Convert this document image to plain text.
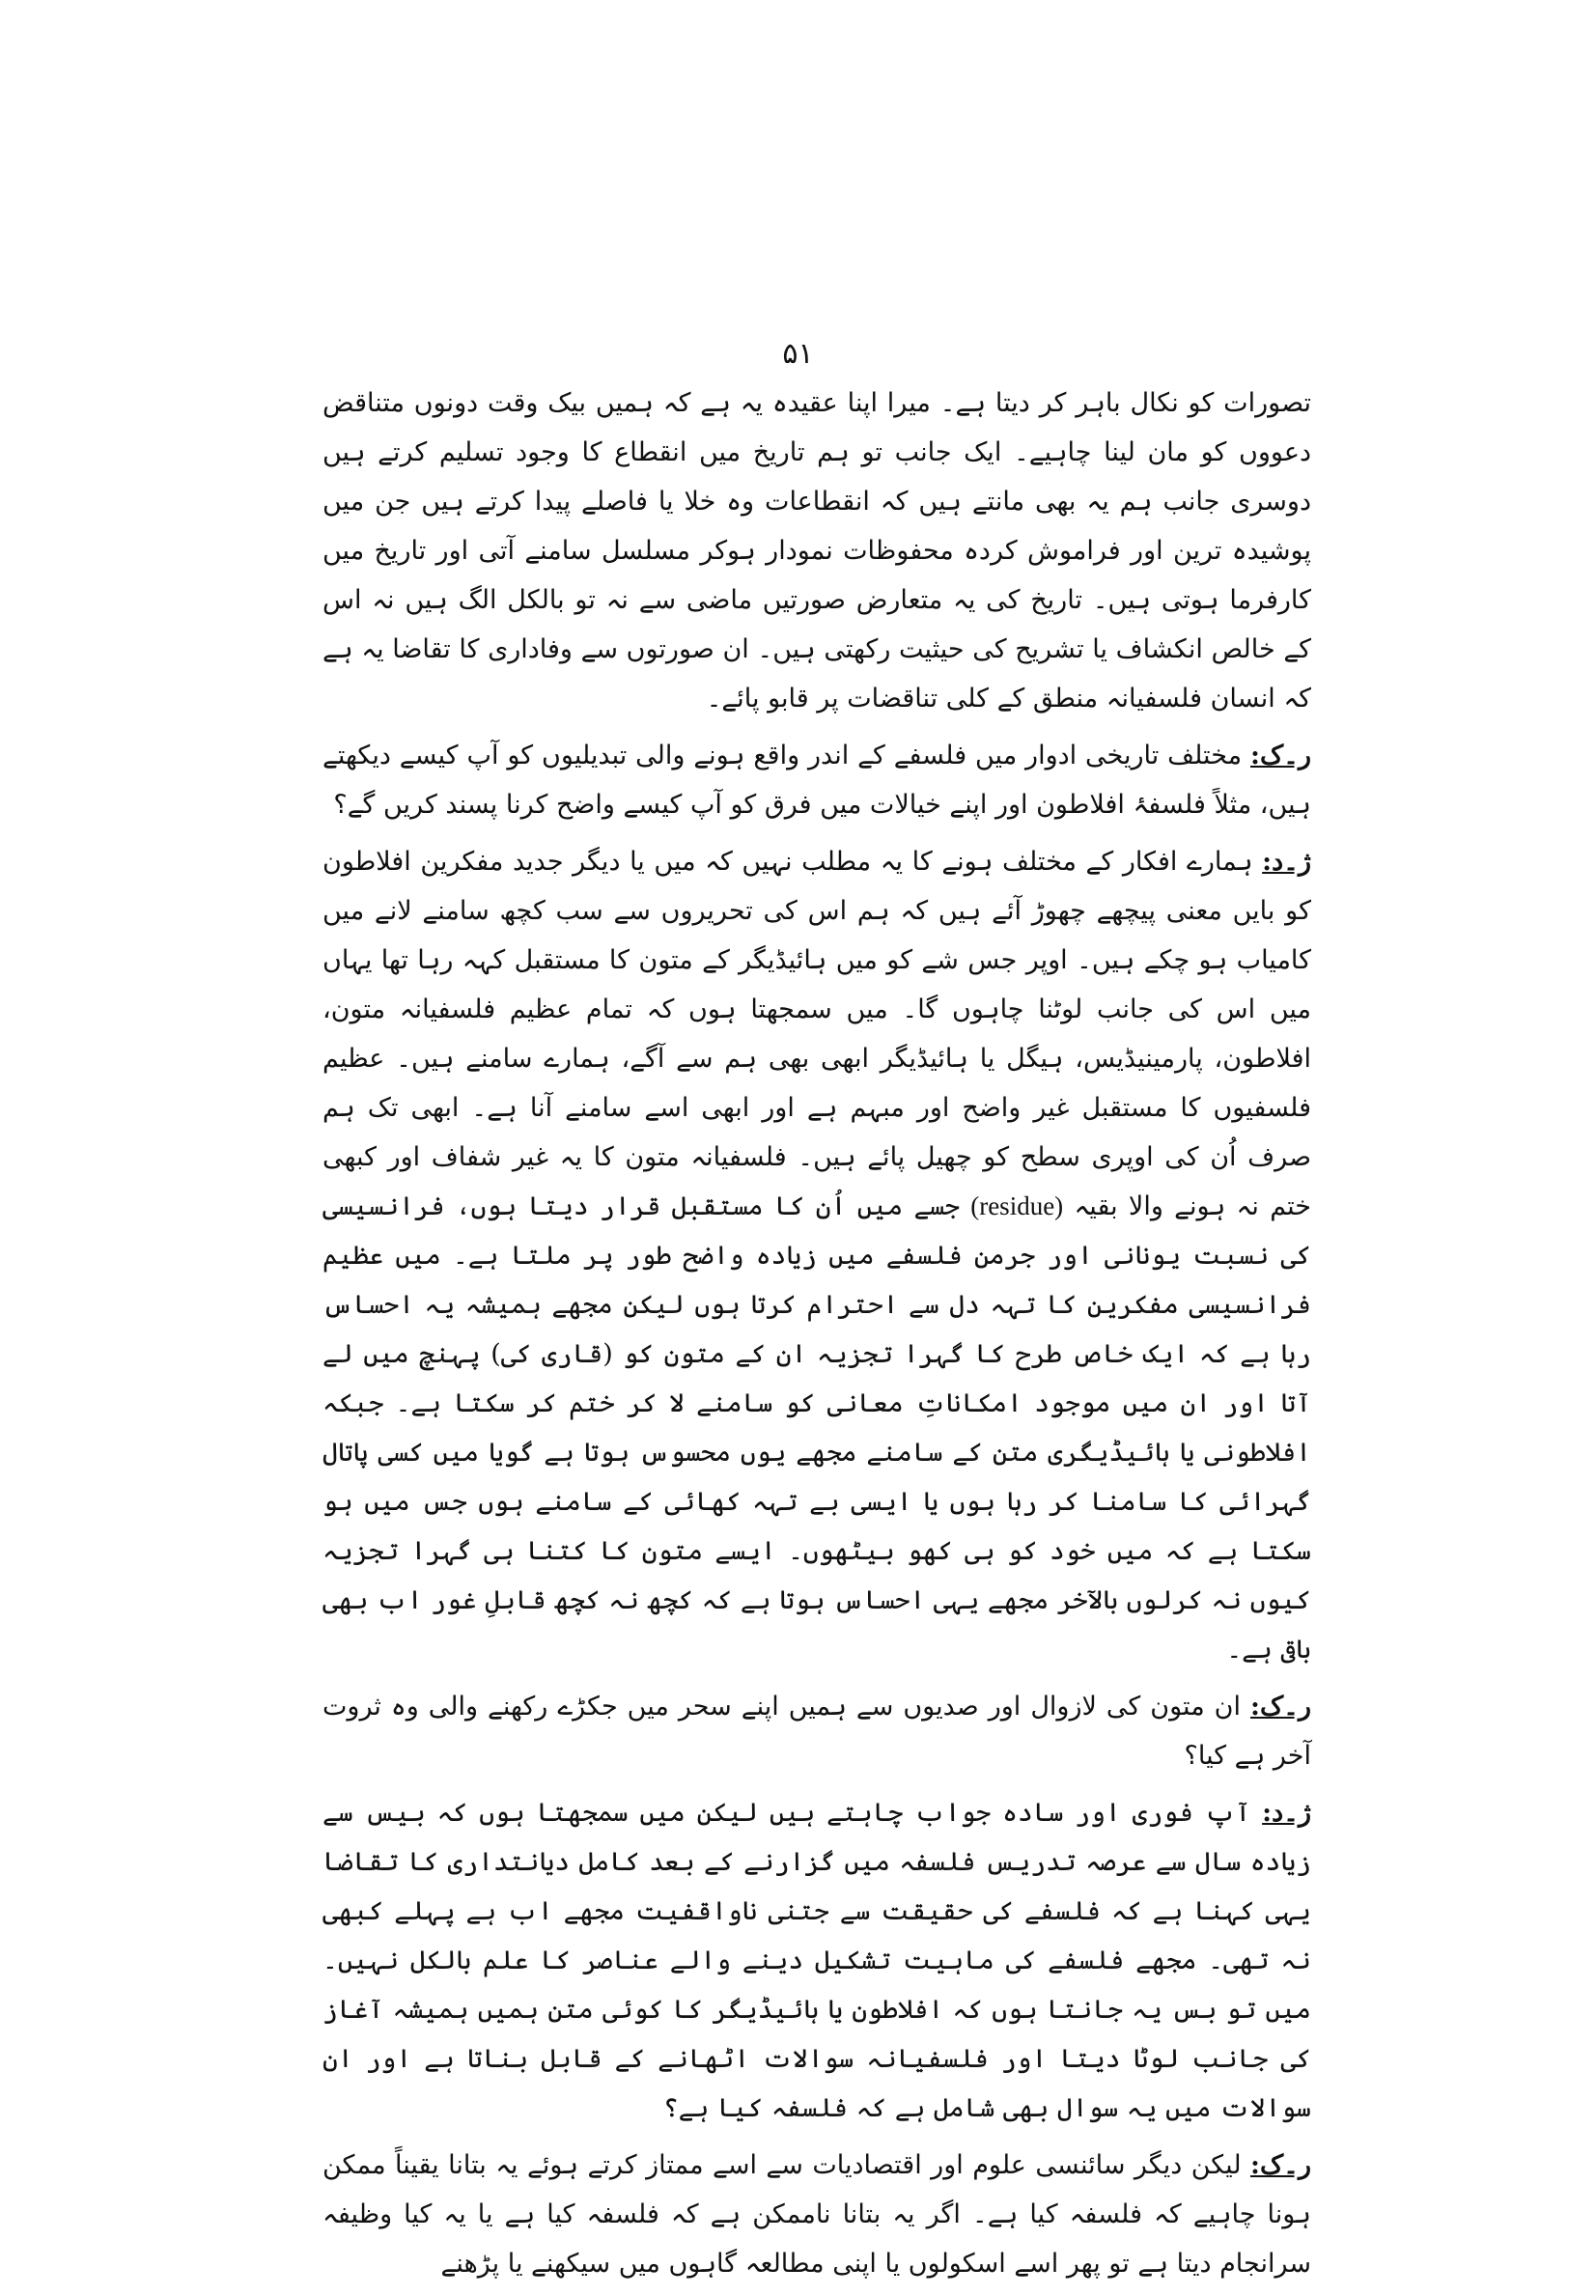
۵۱

تصورات کو نکال باہر کر دیتا ہے۔ میرا اپنا عقیدہ یہ ہے کہ ہمیں بیک وقت دونوں متناقض دعووں کو مان لینا چاہیے۔ ایک جانب تو ہم تاریخ میں انقطاع کا وجود تسلیم کرتے ہیں دوسری جانب ہم یہ بھی مانتے ہیں کہ انقطاعات وہ خلا یا فاصلے پیدا کرتے ہیں جن میں پوشیدہ ترین اور فراموش کردہ محفوظات نمودار ہوکر مسلسل سامنے آتی اور تاریخ میں کارفرما ہوتی ہیں۔ تاریخ کی یہ متعارض صورتیں ماضی سے نہ تو بالکل الگ ہیں نہ اس کے خالص انکشاف یا تشریح کی حیثیت رکھتی ہیں۔ ان صورتوں سے وفاداری کا تقاضا یہ ہے کہ انسان فلسفیانہ منطق کے کلی تناقضات پر قابو پائے۔

ر۔ک: مختلف تاریخی ادوار میں فلسفے کے اندر واقع ہونے والی تبدیلیوں کو آپ کیسے دیکھتے ہیں، مثلاً فلسفۂ افلاطون اور اپنے خیالات میں فرق کو آپ کیسے واضح کرنا پسند کریں گے؟

ژ۔د: ہمارے افکار کے مختلف ہونے کا یہ مطلب نہیں کہ میں یا دیگر جدید مفکرین افلاطون کو بایں معنی پیچھے چھوڑ آئے ہیں کہ ہم اس کی تحریروں سے سب کچھ سامنے لانے میں کامیاب ہو چکے ہیں۔ اوپر جس شے کو میں ہائیڈیگر کے متون کا مستقبل کہہ رہا تھا یہاں میں اس کی جانب لوٹنا چاہوں گا۔ میں سمجھتا ہوں کہ تمام عظیم فلسفیانہ متون، افلاطون، پارمینیڈیس، ہیگل یا ہائیڈیگر ابھی بھی ہم سے آگے، ہمارے سامنے ہیں۔ عظیم فلسفیوں کا مستقبل غیر واضح اور مبہم ہے اور ابھی اسے سامنے آنا ہے۔ ابھی تک ہم صرف اُن کی اوپری سطح کو چھیل پائے ہیں۔ فلسفیانہ متون کا یہ غیر شفاف اور کبھی ختم نہ ہونے والا بقیہ (residue) جسے میں اُن کا مستقبل قرار دیتا ہوں، فرانسیسی کی نسبت یونانی اور جرمن فلسفے میں زیادہ واضح طور پر ملتا ہے۔ میں عظیم فرانسیسی مفکرین کا تہہ دل سے احترام کرتا ہوں لیکن مجھے ہمیشہ یہ احساس رہا ہے کہ ایک خاص طرح کا گہرا تجزیہ ان کے متون کو (قاری کی) پہنچ میں لے آتا اور ان میں موجود امکاناتِ معانی کو سامنے لا کر ختم کر سکتا ہے۔ جبکہ افلاطونی یا ہائیڈیگری متن کے سامنے مجھے یوں محسوس ہوتا ہے گویا میں کسی پاتال گہرائی کا سامنا کر رہا ہوں یا ایسی بے تہہ کھائی کے سامنے ہوں جس میں ہو سکتا ہے کہ میں خود کو ہی کھو بیٹھوں۔ ایسے متون کا کتنا ہی گہرا تجزیہ کیوں نہ کرلوں بالآخر مجھے یہی احساس ہوتا ہے کہ کچھ نہ کچھ قابلِ غور اب بھی باقی ہے۔

ر۔ک: ان متون کی لازوال اور صدیوں سے ہمیں اپنے سحر میں جکڑے رکھنے والی وہ ثروت آخر ہے کیا؟

ژ۔د: آپ فوری اور سادہ جواب چاہتے ہیں لیکن میں سمجھتا ہوں کہ بیس سے زیادہ سال سے عرصہ تدریس فلسفہ میں گزارنے کے بعد کامل دیانتداری کا تقاضا یہی کہنا ہے کہ فلسفے کی حقیقت سے جتنی ناواقفیت مجھے اب ہے پہلے کبھی نہ تھی۔ مجھے فلسفے کی ماہیت تشکیل دینے والے عناصر کا علم بالکل نہیں۔ میں تو بس یہ جانتا ہوں کہ افلاطون یا ہائیڈیگر کا کوئی متن ہمیں ہمیشہ آغاز کی جانب لوٹا دیتا اور فلسفیانہ سوالات اٹھانے کے قابل بناتا ہے اور ان سوالات میں یہ سوال بھی شامل ہے کہ فلسفہ کیا ہے؟

ر۔ک: لیکن دیگر سائنسی علوم اور اقتصادیات سے اسے ممتاز کرتے ہوئے یہ بتانا یقیناً ممکن ہونا چاہیے کہ فلسفہ کیا ہے۔ اگر یہ بتانا ناممکن ہے کہ فلسفہ کیا ہے یا یہ کیا وظیفہ سرانجام دیتا ہے تو پھر اسے اسکولوں یا اپنی مطالعہ گاہوں میں سیکھنے یا پڑھنے
